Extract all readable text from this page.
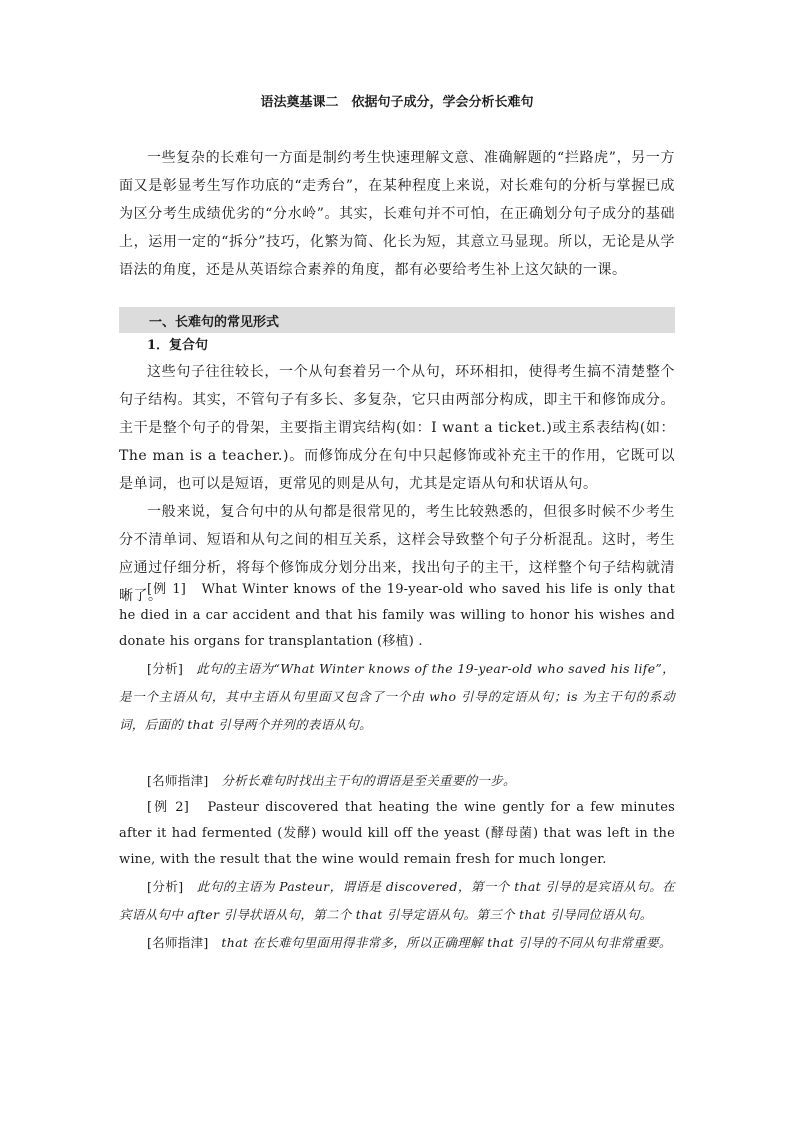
语法奠基课二　依据句子成分，学会分析长难句

一些复杂的长难句一方面是制约考生快速理解文意、准确解题的“拦路虎”，另一方面又是彰显考生写作功底的“走秀台”，在某种程度上来说，对长难句的分析与掌握已成为区分考生成绩优劣的“分水岭”。其实，长难句并不可怕，在正确划分句子成分的基础上，运用一定的“拆分”技巧，化繁为简、化长为短，其意立马显现。所以，无论是从学语法的角度，还是从英语综合素养的角度，都有必要给考生补上这欠缺的一课。

一、长难句的常见形式
1．复合句

这些句子往往较长，一个从句套着另一个从句，环环相扣，使得考生搞不清楚整个句子结构。其实，不管句子有多长、多复杂，它只由两部分构成，即主干和修饰成分。主干是整个句子的骨架，主要指主谓宾结构(如：I want a ticket.)或主系表结构(如：The man is a teacher.)。而修饰成分在句中只起修饰或补充主干的作用，它既可以是单词，也可以是短语，更常见的则是从句，尤其是定语从句和状语从句。

一般来说，复合句中的从句都是很常见的，考生比较熟悉的，但很多时候不少考生分不清单词、短语和从句之间的相互关系，这样会导致整个句子分析混乱。这时，考生应通过仔细分析，将每个修饰成分划分出来，找出句子的主干，这样整个句子结构就清晰了。

[例 1] What Winter knows of the 19-year-old who saved his life is only that he died in a car accident and that his family was willing to honor his wishes and donate his organs for transplantation (移植) .

[分析] 此句的主语为“What Winter knows of the 19-year-old who saved his life”，是一个主语从句，其中主语从句里面又包含了一个由 who 引导的定语从句；is 为主干句的系动词，后面的 that 引导两个并列的表语从句。

[名师指津] 分析长难句时找出主干句的谓语是至关重要的一步。

[例 2] Pasteur discovered that heating the wine gently for a few minutes after it had fermented (发酵) would kill off the yeast (酵母菌) that was left in the wine, with the result that the wine would remain fresh for much longer.

[分析] 此句的主语为 Pasteur，谓语是 discovered，第一个 that 引导的是宾语从句。在宾语从句中 after 引导状语从句，第二个 that 引导定语从句。第三个 that 引导同位语从句。

[名师指津] that 在长难句里面用得非常多，所以正确理解 that 引导的不同从句非常重要。
